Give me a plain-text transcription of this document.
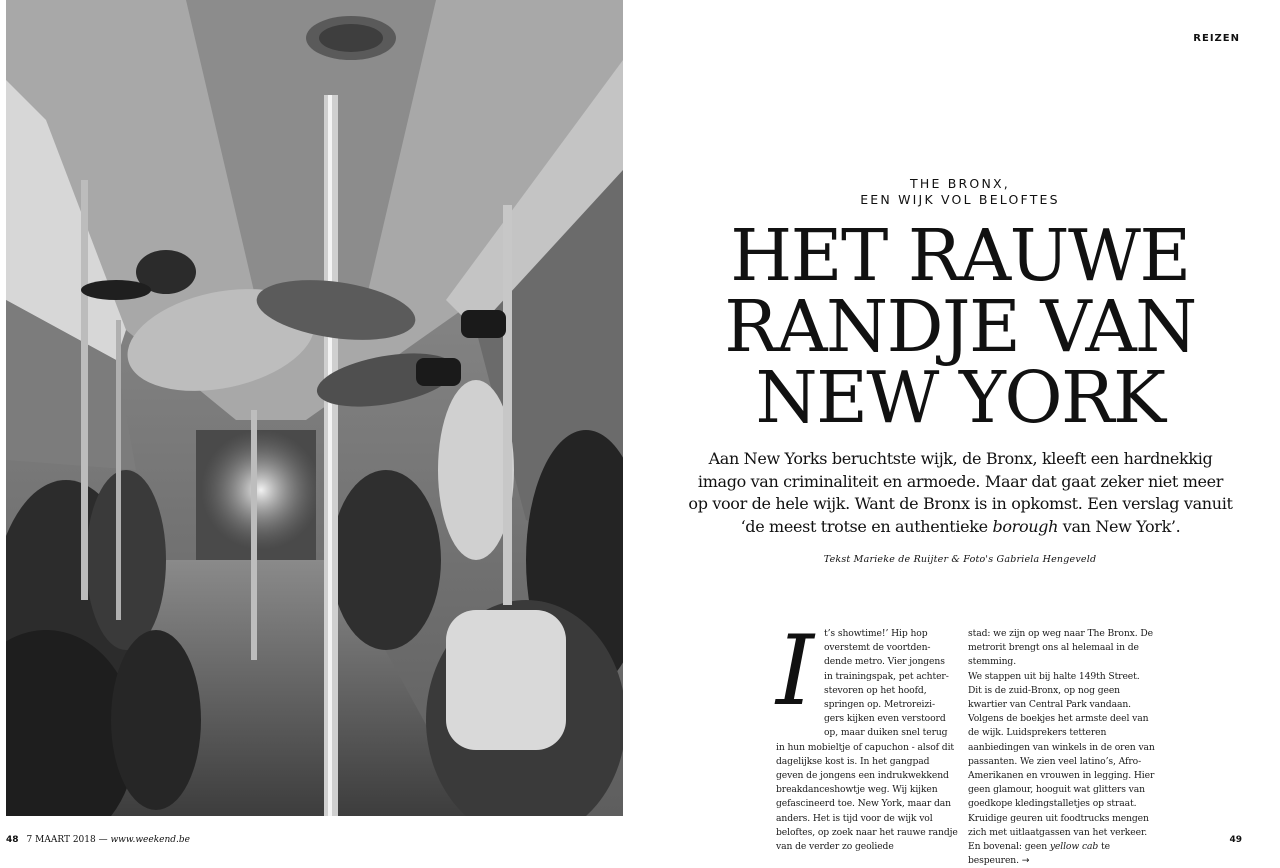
REIZEN
THE BRONX,
EEN WIJK VOL BELOFTES
HET RAUWE
RANDJE VAN
NEW YORK
Aan New Yorks beruchtste wijk, de Bronx, kleeft een hardnekkig imago van criminaliteit en armoede. Maar dat gaat zeker niet meer op voor de hele wijk. Want de Bronx is in opkomst. Een verslag vanuit ‘de meest trotse en authentieke borough van New York’.
Tekst Marieke de Ruijter & Foto's Gabriela Hengeveld
I	t’s showtime!’ Hip hop
overstemt de voortden-
dende metro. Vier jongens
in trainingspak, pet achter-
stevoren op het hoofd,
springen op. Metroreizi-
gers kijken even verstoord
op, maar duiken snel terug

in hun mobieltje of capuchon - alsof dit dagelijkse kost is. In het gangpad geven de jongens een indrukwekkend breakdanceshowtje weg. Wij kijken gefascineerd toe. New York, maar dan anders. Het is tijd voor de wijk vol beloftes, op zoek naar het rauwe randje van de verder zo geoliede

stad: we zijn op weg naar The Bronx. De metrorit brengt ons al helemaal in de stemming.

We stappen uit bij halte 149th Street. Dit is de zuid-Bronx, op nog geen kwartier van Central Park vandaan. Volgens de boekjes het armste deel van de wijk. Luidsprekers tetteren aanbiedingen van winkels in de oren van passanten. We zien veel latino’s, Afro-Amerikanen en vrouwen in legging. Hier geen glamour, hooguit wat glitters van goedkope kledingstalletjes op straat. Kruidige geuren uit foodtrucks mengen zich met uitlaatgassen van het verkeer. En bovenal: geen yellow cab te bespeuren. →

48 7 MAART 2018 — www.weekend.be	49
